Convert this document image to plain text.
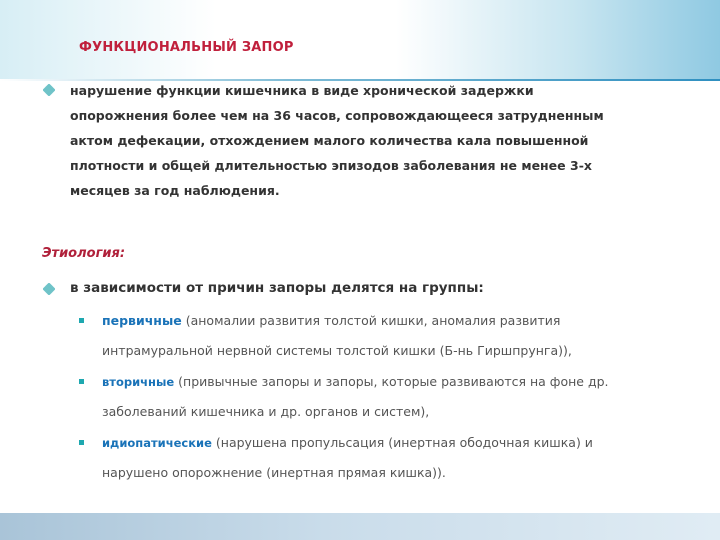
ФУНКЦИОНАЛЬНЫЙ ЗАПОР
нарушение функции кишечника в виде хронической задержки
опорожнения более чем на 36 часов, сопровождающееся затрудненным
актом дефекации, отхождением малого количества кала повышенной
плотности и общей длительностью эпизодов заболевания не менее 3-х
месяцев за год наблюдения.
Этиология:
в зависимости от причин запоры делятся на группы:
первичные (аномалии развития толстой кишки, аномалия развития
интрамуральной нервной системы толстой кишки (Б-нь Гиршпрунга)),
вторичные (привычные запоры и запоры, которые развиваются на фоне др.
заболеваний кишечника и др. органов и систем),
идиопатические (нарушена пропульсация (инертная ободочная кишка) и
нарушено опорожнение (инертная прямая кишка)).
